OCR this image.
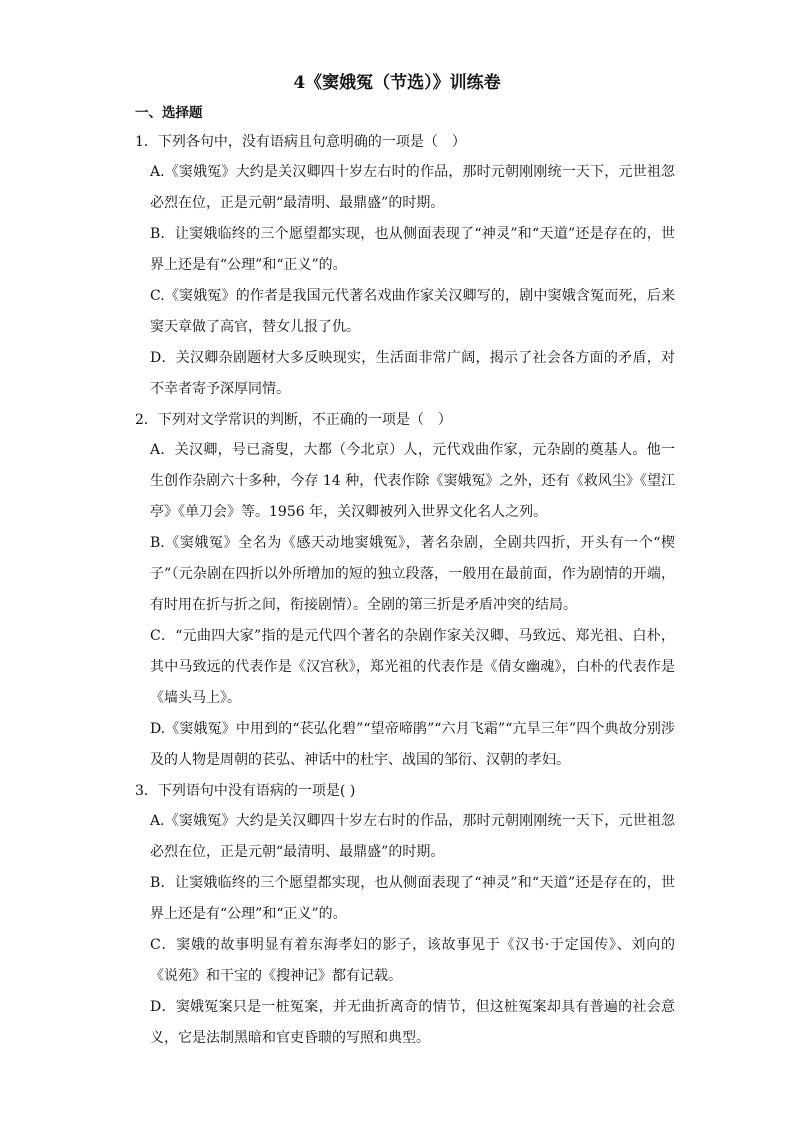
4《窦娥冤（节选）》训练卷
一、选择题
1．下列各句中，没有语病且句意明确的一项是（　）
A.《窦娥冤》大约是关汉卿四十岁左右时的作品，那时元朝刚刚统一天下，元世祖忽必烈在位，正是元朝“最清明、最鼎盛”的时期。
B．让窦娥临终的三个愿望都实现，也从侧面表现了“神灵”和“天道”还是存在的，世界上还是有“公理”和“正义”的。
C.《窦娥冤》的作者是我国元代著名戏曲作家关汉卿写的，剧中窦娥含冤而死，后来窦天章做了高官，替女儿报了仇。
D．关汉卿杂剧题材大多反映现实，生活面非常广阔，揭示了社会各方面的矛盾，对不幸者寄予深厚同情。
2．下列对文学常识的判断，不正确的一项是（　）
A．关汉卿，号已斋叟，大都（今北京）人，元代戏曲作家，元杂剧的奠基人。他一生创作杂剧六十多种，今存 14 种，代表作除《窦娥冤》之外，还有《救风尘》《望江亭》《单刀会》等。1956 年，关汉卿被列入世界文化名人之列。
B.《窦娥冤》全名为《感天动地窦娥冤》，著名杂剧，全剧共四折，开头有一个“楔子”（元杂剧在四折以外所增加的短的独立段落，一般用在最前面，作为剧情的开端，有时用在折与折之间，衔接剧情）。全剧的第三折是矛盾冲突的结局。
C．“元曲四大家”指的是元代四个著名的杂剧作家关汉卿、马致远、郑光祖、白朴，其中马致远的代表作是《汉宫秋》，郑光祖的代表作是《倩女幽魂》，白朴的代表作是《墙头马上》。
D.《窦娥冤》中用到的“苌弘化碧”“望帝啼鹃”“六月飞霜”“亢旱三年”四个典故分别涉及的人物是周朝的苌弘、神话中的杜宇、战国的邹衍、汉朝的孝妇。
3．下列语句中没有语病的一项是( )
A.《窦娥冤》大约是关汉卿四十岁左右时的作品，那时元朝刚刚统一天下，元世祖忽必烈在位，正是元朝“最清明、最鼎盛”的时期。
B．让窦娥临终的三个愿望都实现，也从侧面表现了“神灵”和“天道”还是存在的，世界上还是有“公理”和“正义”的。
C．窦娥的故事明显有着东海孝妇的影子，该故事见于《汉书·于定国传》、刘向的《说苑》和干宝的《搜神记》都有记载。
D．窦娥冤案只是一桩冤案，并无曲折离奇的情节，但这桩冤案却具有普遍的社会意义，它是法制黑暗和官吏昏聩的写照和典型。
